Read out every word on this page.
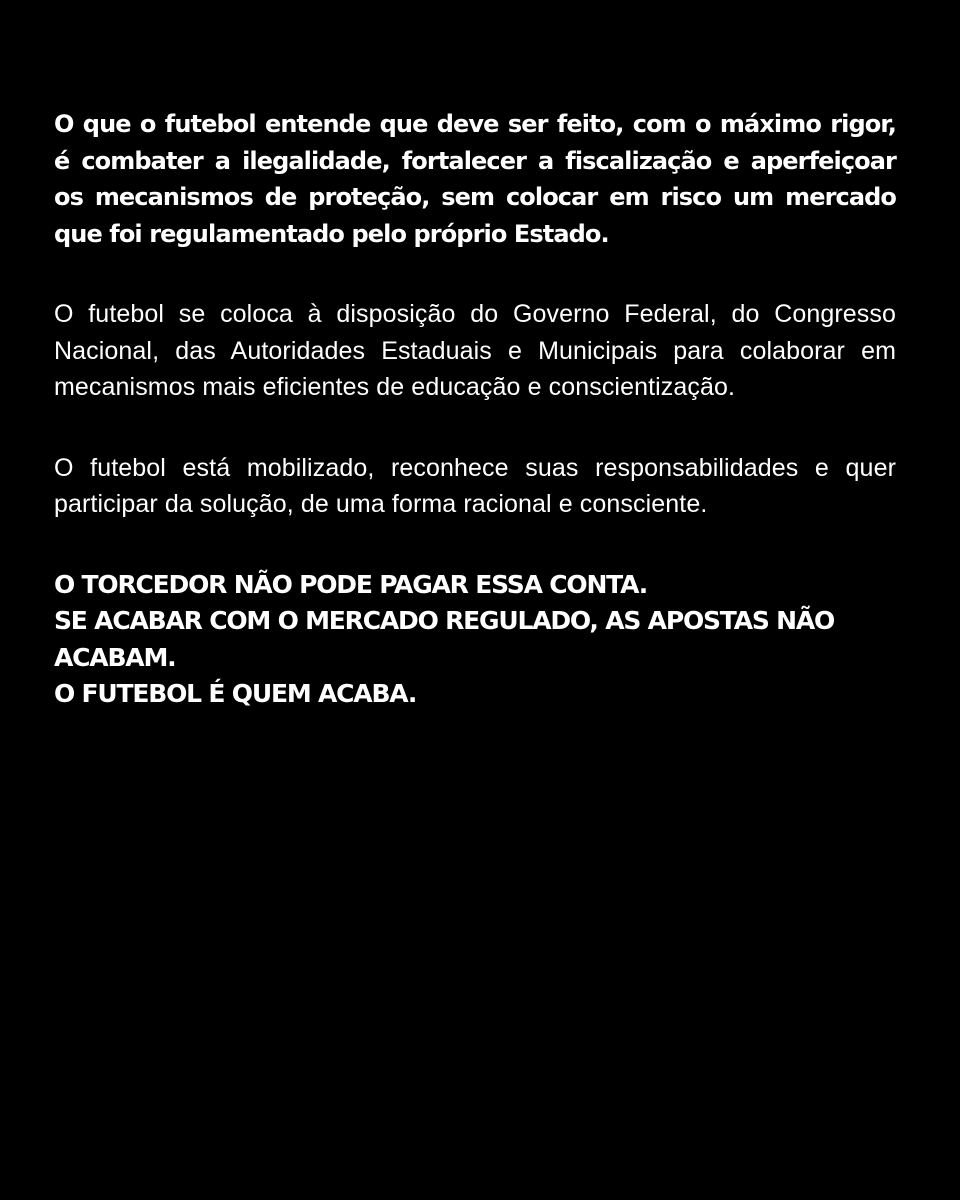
O que o futebol entende que deve ser feito, com o máximo rigor, é combater a ilegalidade, fortalecer a fiscalização e aperfeiçoar os mecanismos de proteção, sem colocar em risco um mercado que foi regulamentado pelo próprio Estado.

O futebol se coloca à disposição do Governo Federal, do Congresso Nacional, das Autoridades Estaduais e Municipais para colaborar em mecanismos mais eficientes de educação e conscientização.

O futebol está mobilizado, reconhece suas responsabilidades e quer participar da solução, de uma forma racional e consciente.

O TORCEDOR NÃO PODE PAGAR ESSA CONTA.
SE ACABAR COM O MERCADO REGULADO, AS APOSTAS NÃO ACABAM.
O FUTEBOL É QUEM ACABA.
